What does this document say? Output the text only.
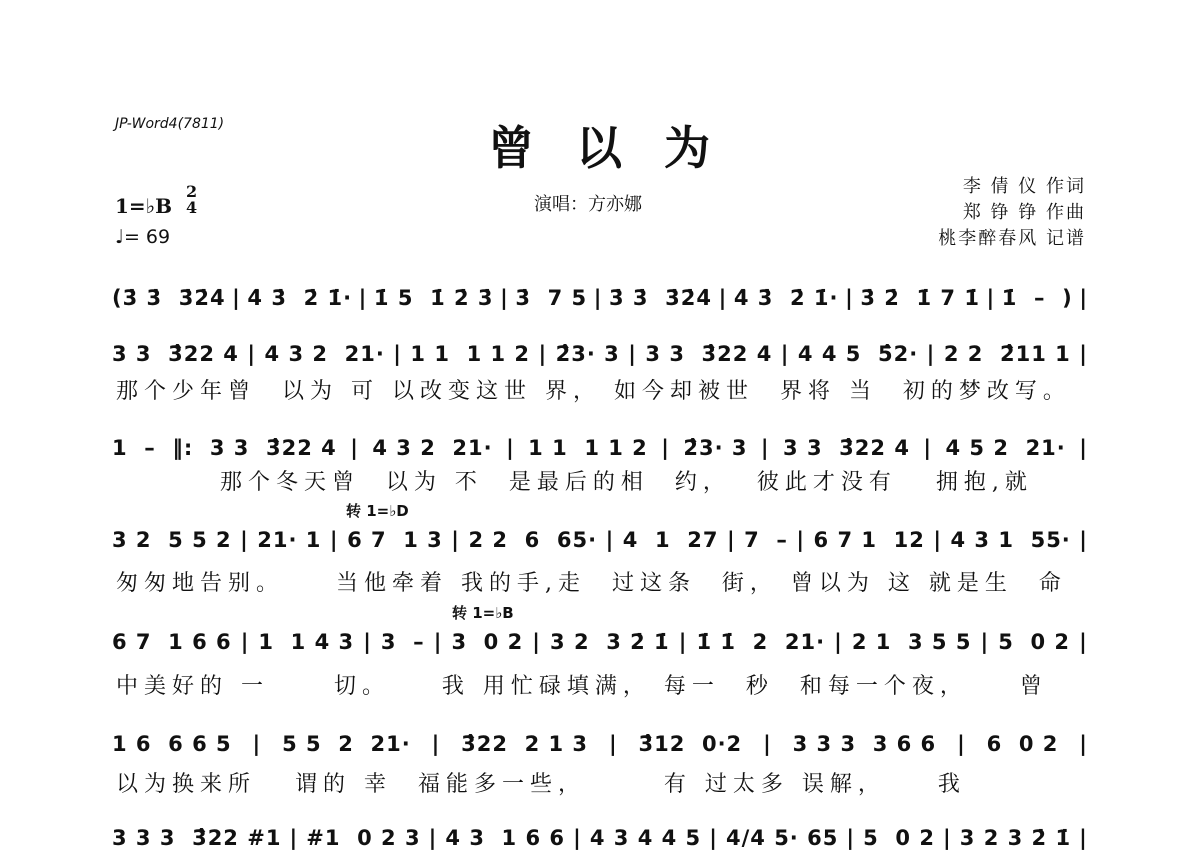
JP-Word4(7811)	曾以为
演唱：方亦娜
1=♭B
2
4
♩= 69
李 倩 仪 作词
郑 铮 铮 作曲
桃李醉春风 记谱
(3̇ 3̇  3̇2̇4̇ | 4̇ 3̇  2̇ 1̇· | 1̇ 5  1̇ 2̇ 3̇ | 3̇  7 5 | 3̇ 3̇  3̇2̇4̇ | 4̇ 3̇  2̇ 1̇· | 3̇ 2̇  1̇ 7 1̇ | 1̇  –  ) |
3 3  3̂22 4 | 4 3 2  21· | 1 1  1 1 2 | 2̂3· 3 | 3 3  3̂22 4 | 4 4 5  5̂2· | 2 2  2̂11 1 |
那个少年曾  以为 可 以改变这世 界， 如今却被世  界将 当  初的梦改写。
1  –  ‖:  3 3  3̂22 4 | 4 3 2  21· | 1 1  1 1 2 | 2̂3· 3 | 3 3  3̂22 4 | 4 5 2  21· |
那个冬天曾  以为 不  是最后的相  约，  彼此才没有   拥抱,就
转 1=♭D
3 2  5 5 2 | 21· 1 | 6 7  1 3 | 2 2  6  65· | 4  1  27 | 7  – | 6 7 1  12 | 4 3 1  55· |
匆匆地告别。    当他牵着 我的手,走  过这条  街， 曾以为 这 就是生  命
转 1=♭B
6 7  1 6 6 | 1  1 4 3 | 3  – | 3  0 2 | 3 2  3 2̇ 1̇ | 1̇ 1̇  2  21· | 2 1  3 5 5 | 5  0 2 |
中美好的 一     切。    我 用忙碌填满， 每一  秒  和每一个夜，    曾
1 6  6 6 5 | 5 5  2  21· | 3̂22  2 1 3 | 3̂12  0·2 | 3 3 3  3 6 6 | 6  0 2 |
以为换来所   谓的 幸  福能多一些，      有 过太多 误解，    我
3 3 3  3̂22 #1 | #1  0 2 3 | 4 3  1 6 6 | 4 3 4 4 5 | 4/4 5· 65 | 5  0 2 | 3 2 3 2̇ 1̇ |
